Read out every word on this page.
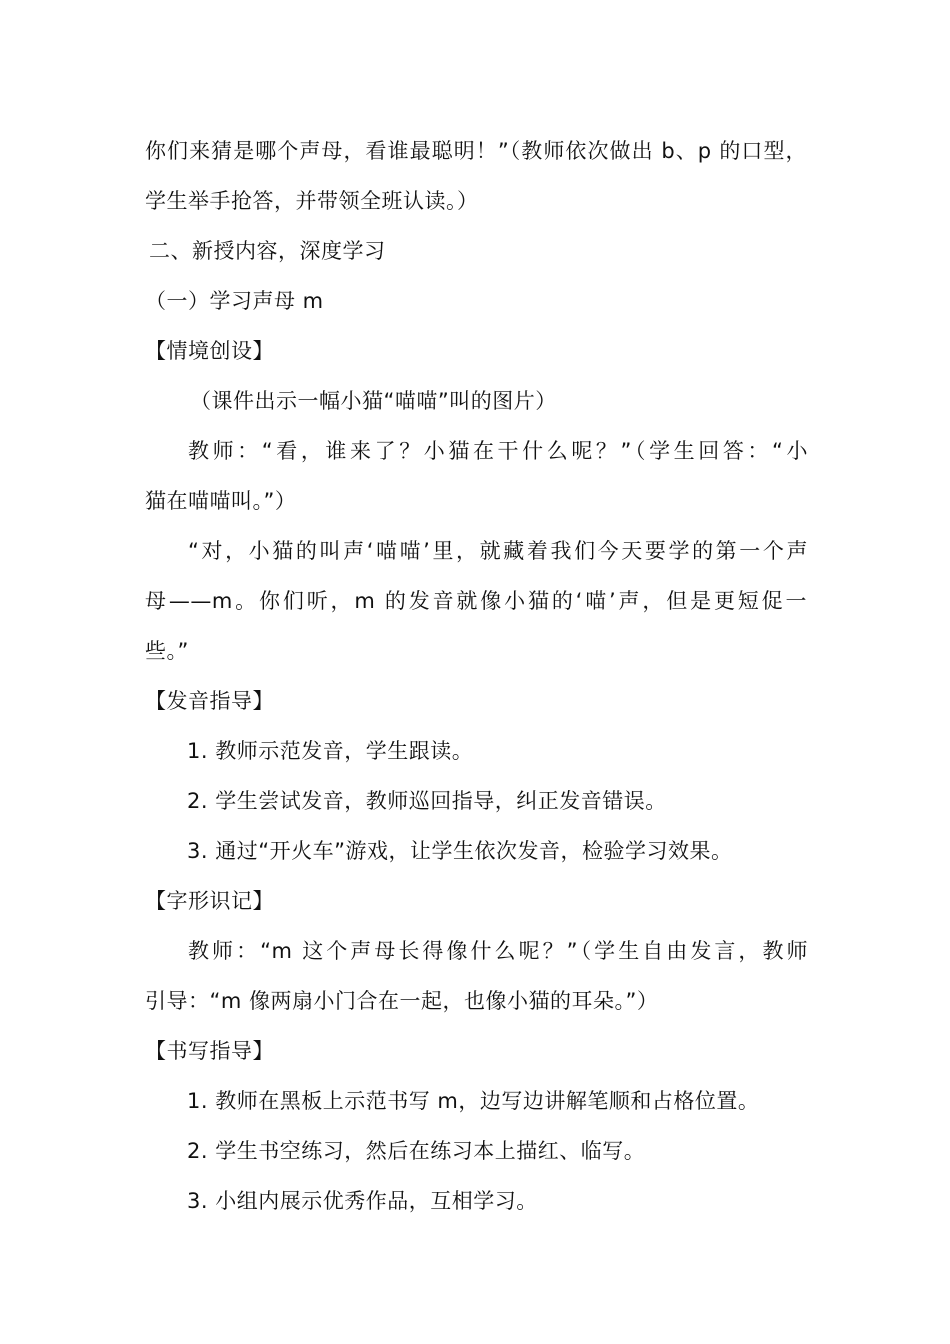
你们来猜是哪个声母，看谁最聪明！”（教师依次做出 b、p 的口型，
学生举手抢答，并带领全班认读。）
二、新授内容，深度学习
（一）学习声母 m
【情境创设】
（课件出示一幅小猫“喵喵”叫的图片）
教师：“看，谁来了？小猫在干什么呢？”（学生回答：“小
猫在喵喵叫。”）
“对，小猫的叫声‘喵喵’里，就藏着我们今天要学的第一个声
母——m。你们听，m 的发音就像小猫的‘喵’声，但是更短促一
些。”
【发音指导】
1. 教师示范发音，学生跟读。
2. 学生尝试发音，教师巡回指导，纠正发音错误。
3. 通过“开火车”游戏，让学生依次发音，检验学习效果。
【字形识记】
教师：“m 这个声母长得像什么呢？”（学生自由发言，教师
引导：“m 像两扇小门合在一起，也像小猫的耳朵。”）
【书写指导】
1. 教师在黑板上示范书写 m，边写边讲解笔顺和占格位置。
2. 学生书空练习，然后在练习本上描红、临写。
3. 小组内展示优秀作品，互相学习。
